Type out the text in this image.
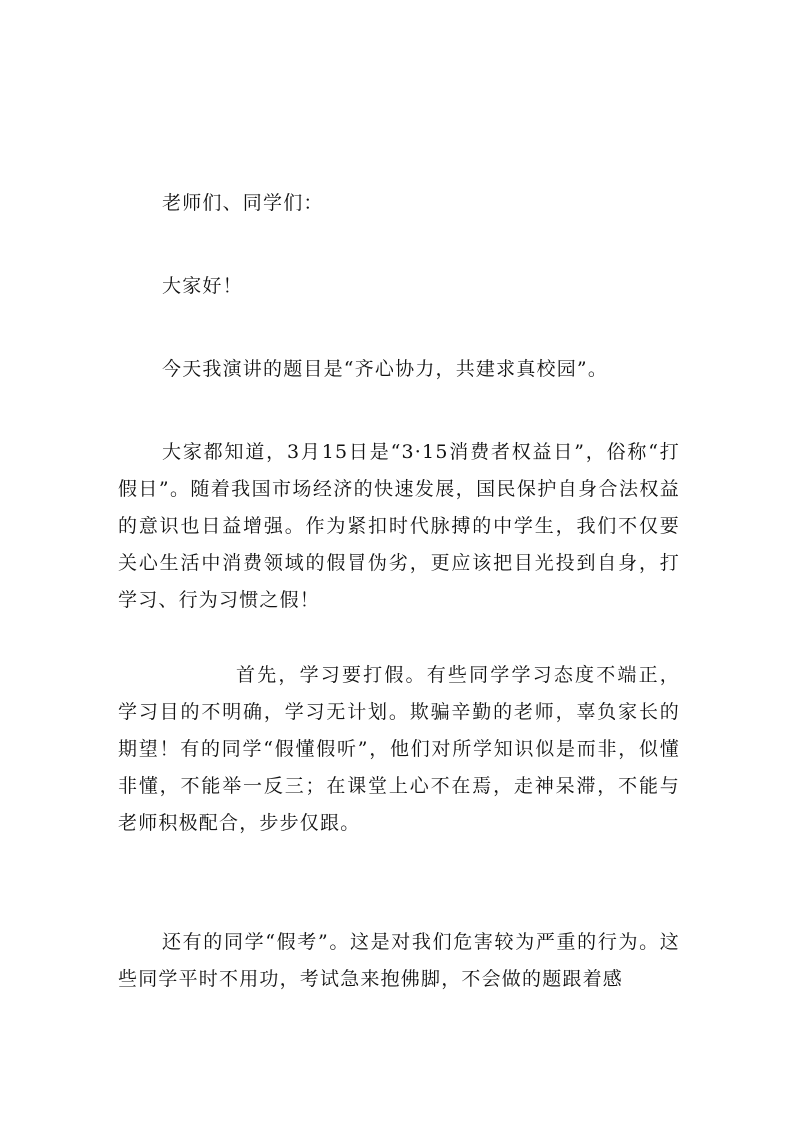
老师们、同学们：

大家好！

今天我演讲的题目是“齐心协力，共建求真校园”。

大家都知道，3月15日是“3·15消费者权益日”，俗称“打假日”。随着我国市场经济的快速发展，国民保护自身合法权益的意识也日益增强。作为紧扣时代脉搏的中学生，我们不仅要关心生活中消费领域的假冒伪劣，更应该把目光投到自身，打学习、行为习惯之假！

首先，学习要打假。有些同学学习态度不端正，学习目的不明确，学习无计划。欺骗辛勤的老师，辜负家长的期望！有的同学“假懂假听”，他们对所学知识似是而非，似懂非懂，不能举一反三；在课堂上心不在焉，走神呆滞，不能与老师积极配合，步步仅跟。

还有的同学“假考”。这是对我们危害较为严重的行为。这些同学平时不用功，考试急来抱佛脚，不会做的题跟着感
